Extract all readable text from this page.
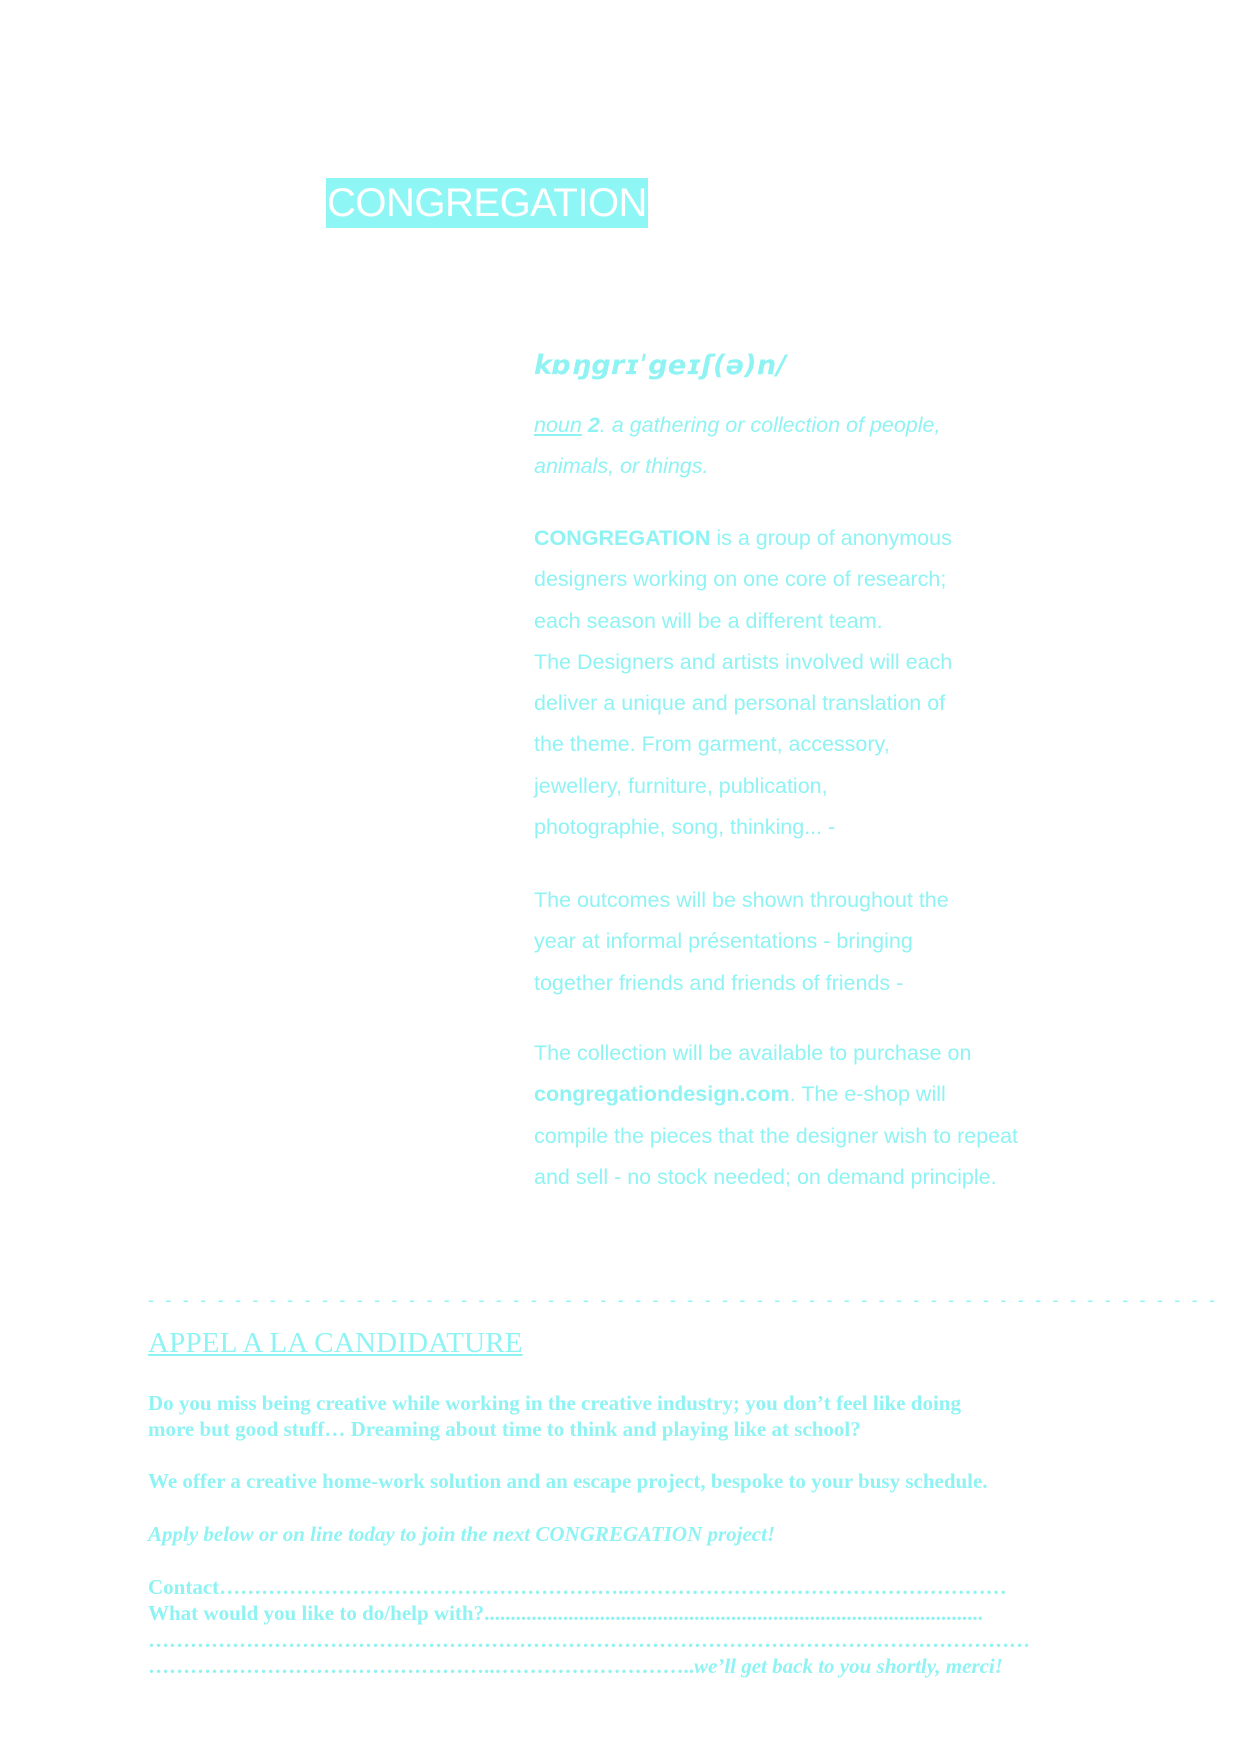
CONGREGATION
kɒŋgrɪˈgeɪʃ(ə)n/
noun 2. a gathering or collection of people,
animals, or things.
CONGREGATION is a group of anonymous
designers working on one core of research;
each season will be a different team.
The Designers and artists involved will each
deliver a unique and personal translation of
the theme. From garment, accessory,
jewellery, furniture, publication,
photographie, song, thinking... -
The outcomes will be shown throughout the
year at informal présentations - bringing
together friends and friends of friends -
The collection will be available to purchase on
congregationdesign.com. The e-shop will
compile the pieces that the designer wish to repeat
and sell - no stock needed; on demand principle.
- - - - - - - - - - - - - - - - - - - - - - - - - - - - - - - - - - - - - - - - - - - - - - - - - - - - - - - - - - - - - -
APPEL A LA CANDIDATURE
Do you miss being creative while working in the creative industry; you don’t feel like doing
more but good stuff… Dreaming about time to think and playing like at school?
We offer a creative home-work solution and an escape project, bespoke to your busy schedule.
Apply below or on line today to join the next CONGREGATION project!
Contact…………………………………………………..………………………………………………
What would you like to do/help with?...............................................................................................
………………………………………………………………………………………………………………
…………………………………………..………………………..we’ll get back to you shortly, merci!
